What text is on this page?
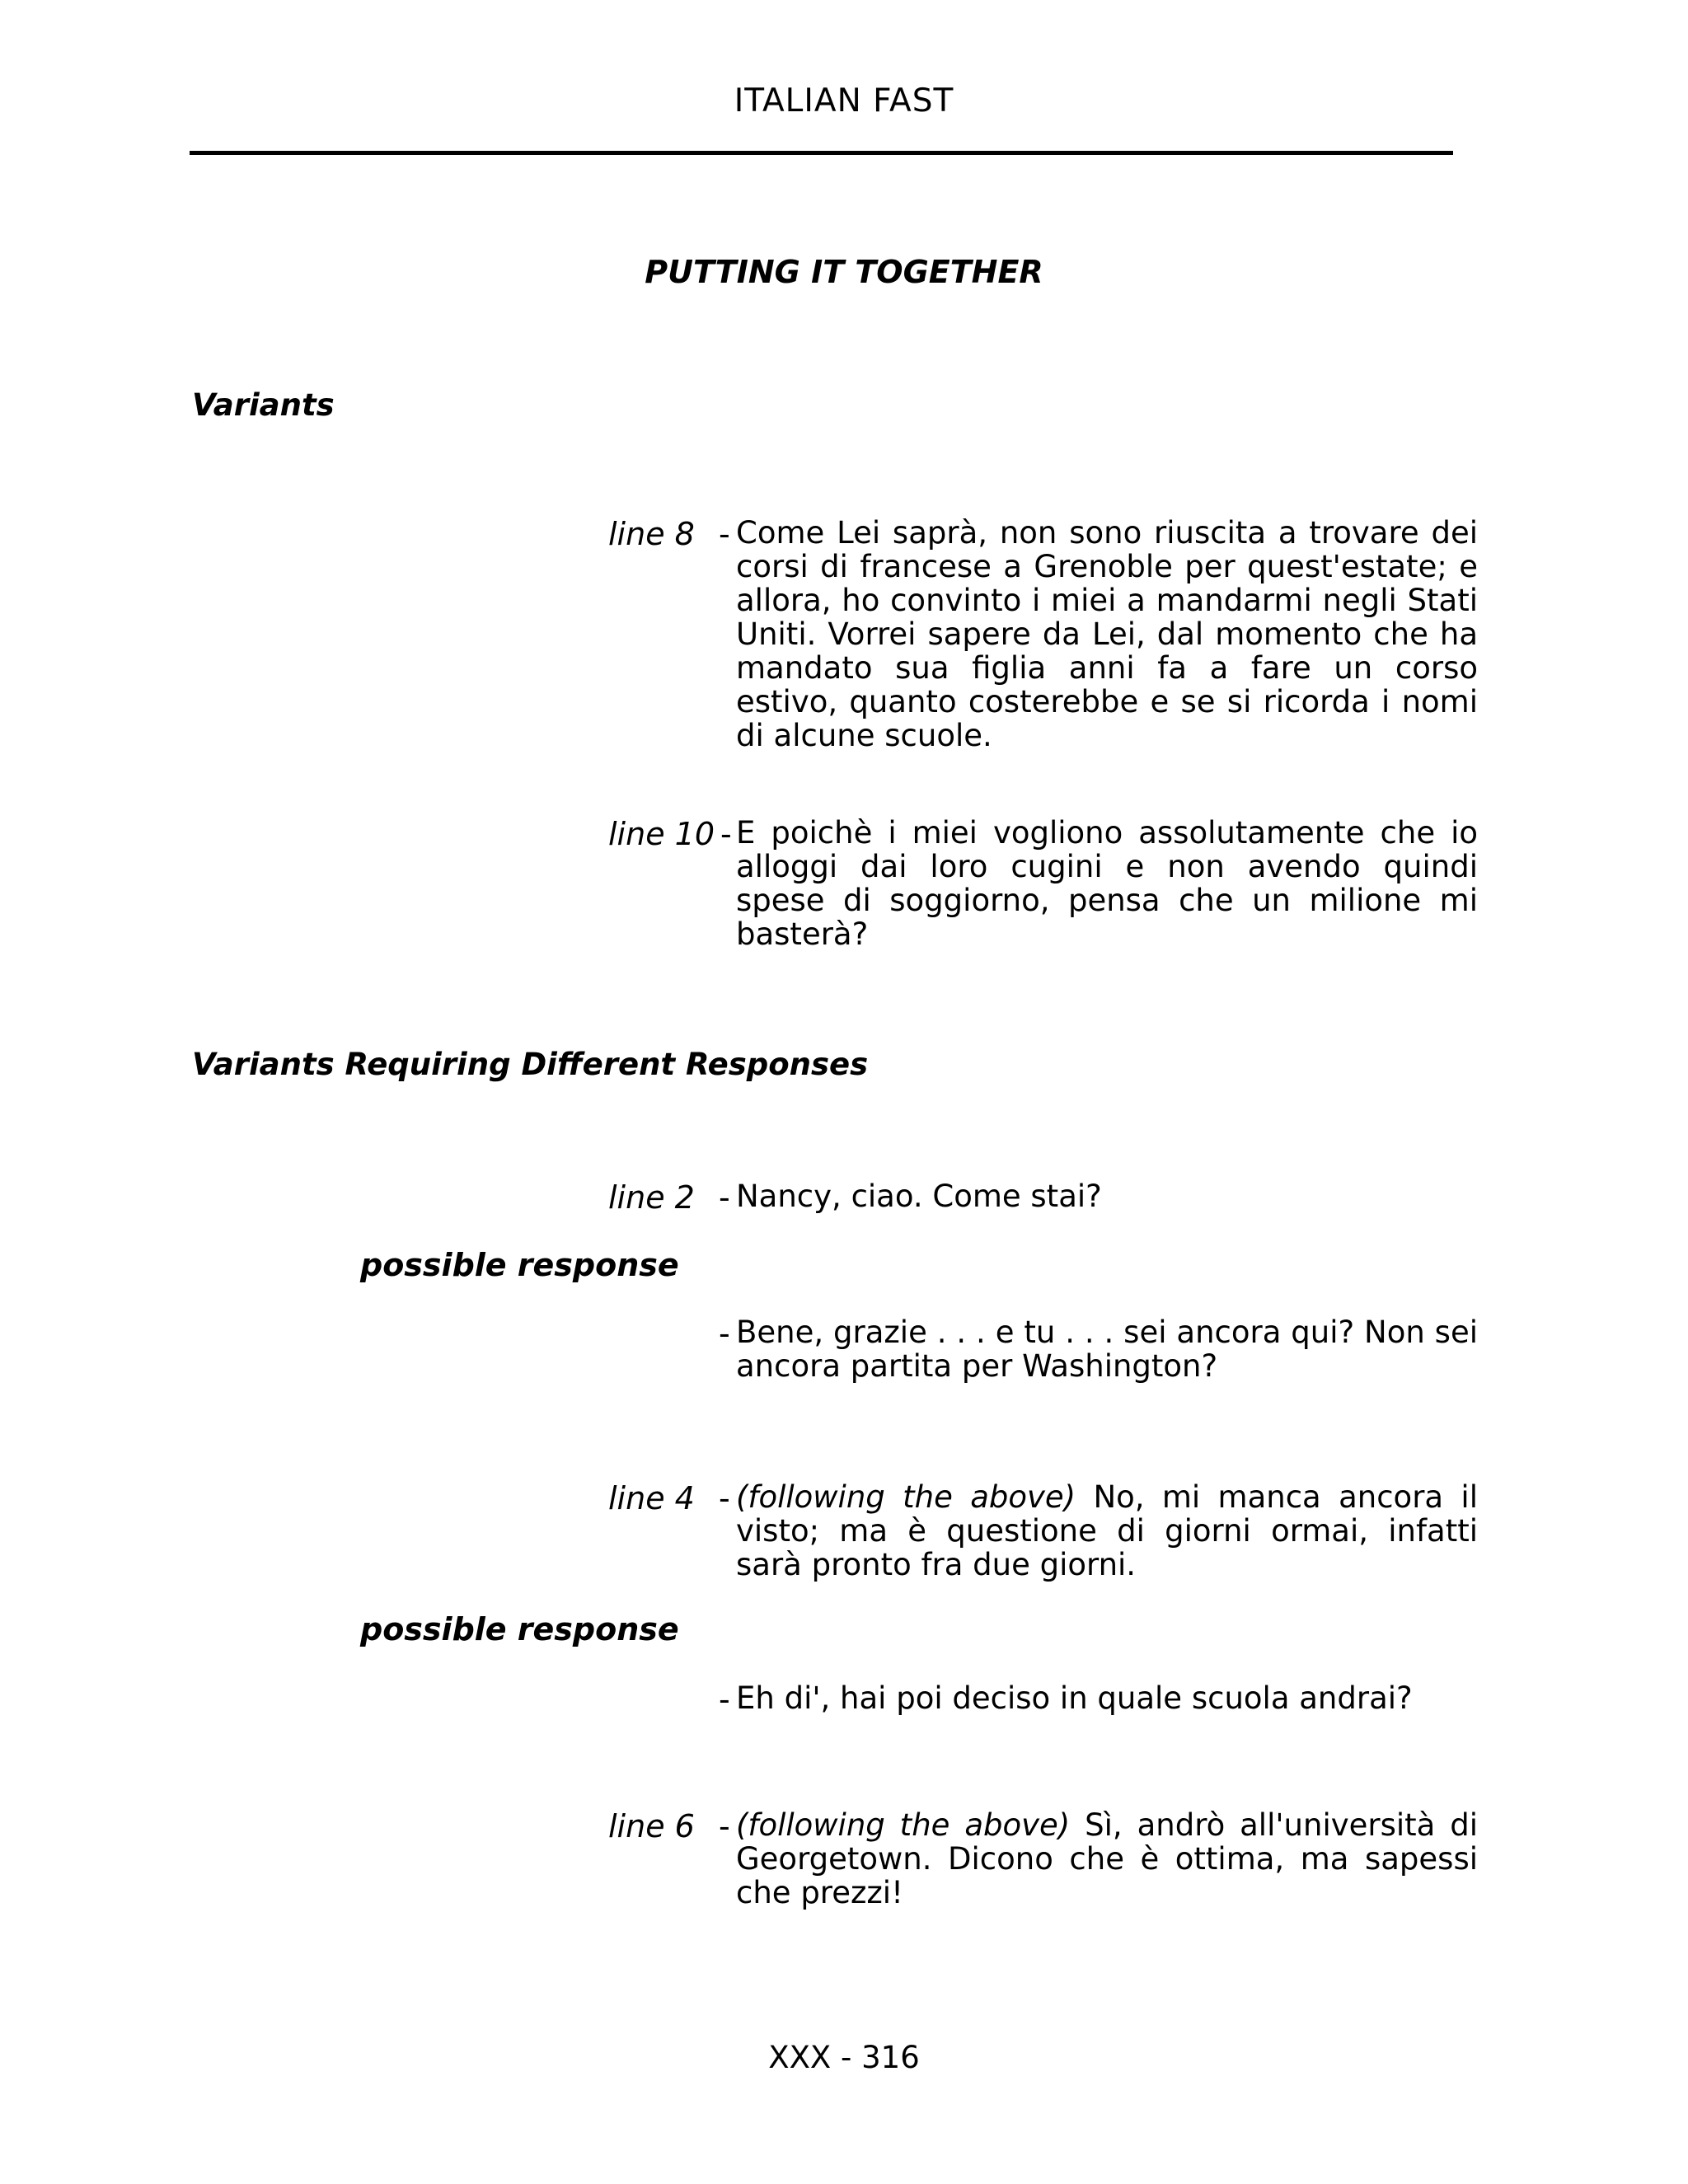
ITALIAN FAST
PUTTING IT TOGETHER
Variants
line 8 - Come Lei saprà, non sono riuscita a trovare dei corsi di francese a Grenoble per quest'estate; e allora, ho convinto i miei a mandarmi negli Stati Uniti. Vorrei sapere da Lei, dal momento che ha mandato sua figlia anni fa a fare un corso estivo, quanto costerebbe e se si ricorda i nomi di alcune scuole.
line 10 - E poichè i miei vogliono assolutamente che io alloggi dai loro cugini e non avendo quindi spese di soggiorno, pensa che un milione mi basterà?
Variants Requiring Different Responses
line 2 - Nancy, ciao. Come stai?
possible response
- Bene, grazie . . . e tu . . . sei ancora qui? Non sei ancora partita per Washington?
line 4 - (following the above) No, mi manca ancora il visto; ma è questione di giorni ormai, infatti sarà pronto fra due giorni.
possible response
- Eh di', hai poi deciso in quale scuola andrai?
line 6 - (following the above) Sì, andrò all'università di Georgetown. Dicono che è ottima, ma sapessi che prezzi!
XXX - 316
